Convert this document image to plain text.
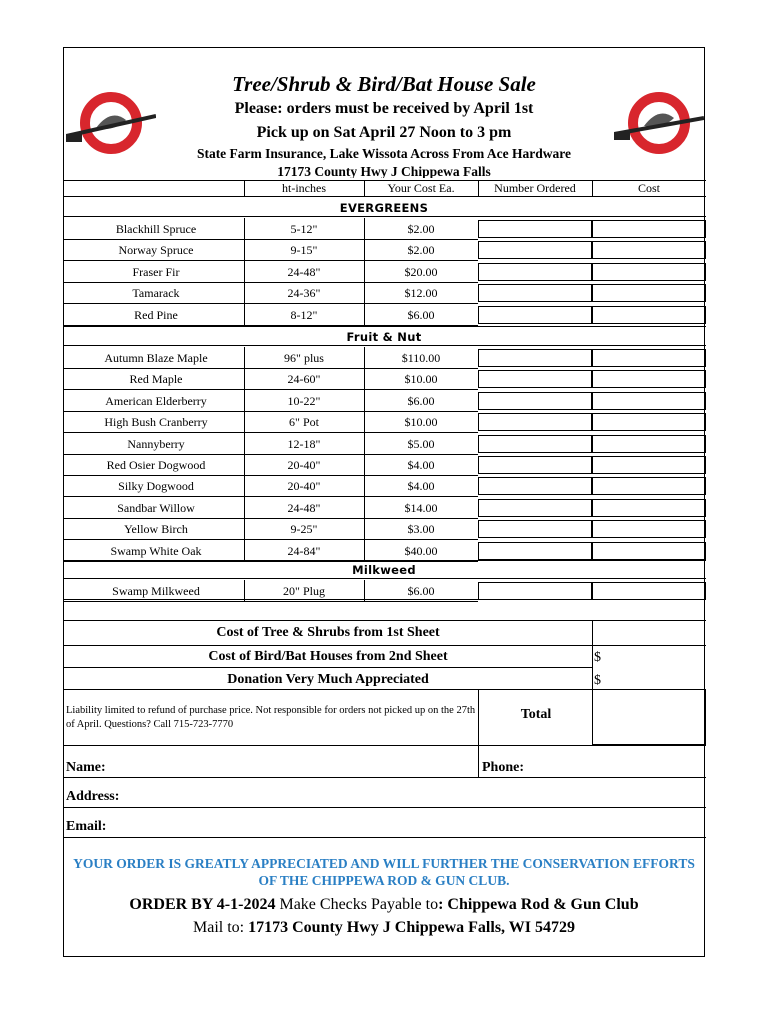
Tree/Shrub & Bird/Bat House Sale
Please: orders must be received by April 1st
Pick up on Sat April 27 Noon to 3 pm
State Farm Insurance, Lake Wissota Across From Ace Hardware
17173 County Hwy J Chippewa Falls
ht-inches	Your Cost Ea.	Number Ordered	Cost
EVERGREENS
Blackhill Spruce	5-12"	$2.00
Norway Spruce	9-15"	$2.00
Fraser Fir	24-48"	$20.00
Tamarack	24-36"	$12.00
Red Pine	8-12"	$6.00
Fruit & Nut
Autumn Blaze Maple	96" plus	$110.00
Red Maple	24-60"	$10.00
American Elderberry	10-22"	$6.00
High Bush Cranberry	6" Pot	$10.00
Nannyberry	12-18"	$5.00
Red Osier Dogwood	20-40"	$4.00
Silky Dogwood	20-40"	$4.00
Sandbar Willow	24-48"	$14.00
Yellow Birch	9-25"	$3.00
Swamp White Oak	24-84"	$40.00
Milkweed
Swamp Milkweed	20" Plug	$6.00
Cost of Tree & Shrubs from 1st Sheet
Cost of Bird/Bat Houses from 2nd Sheet	$
Donation Very Much Appreciated	$
Liability limited to refund of purchase price. Not responsible for orders not picked up on the 27th of April. Questions? Call 715-723-7770
Total
Name:	Phone:
Address:
Email:
YOUR ORDER IS GREATLY APPRECIATED AND WILL FURTHER THE CONSERVATION EFFORTS OF THE CHIPPEWA ROD & GUN CLUB.
ORDER BY 4-1-2024 Make Checks Payable to: Chippewa Rod & Gun Club
Mail to: 17173 County Hwy J Chippewa Falls, WI 54729
